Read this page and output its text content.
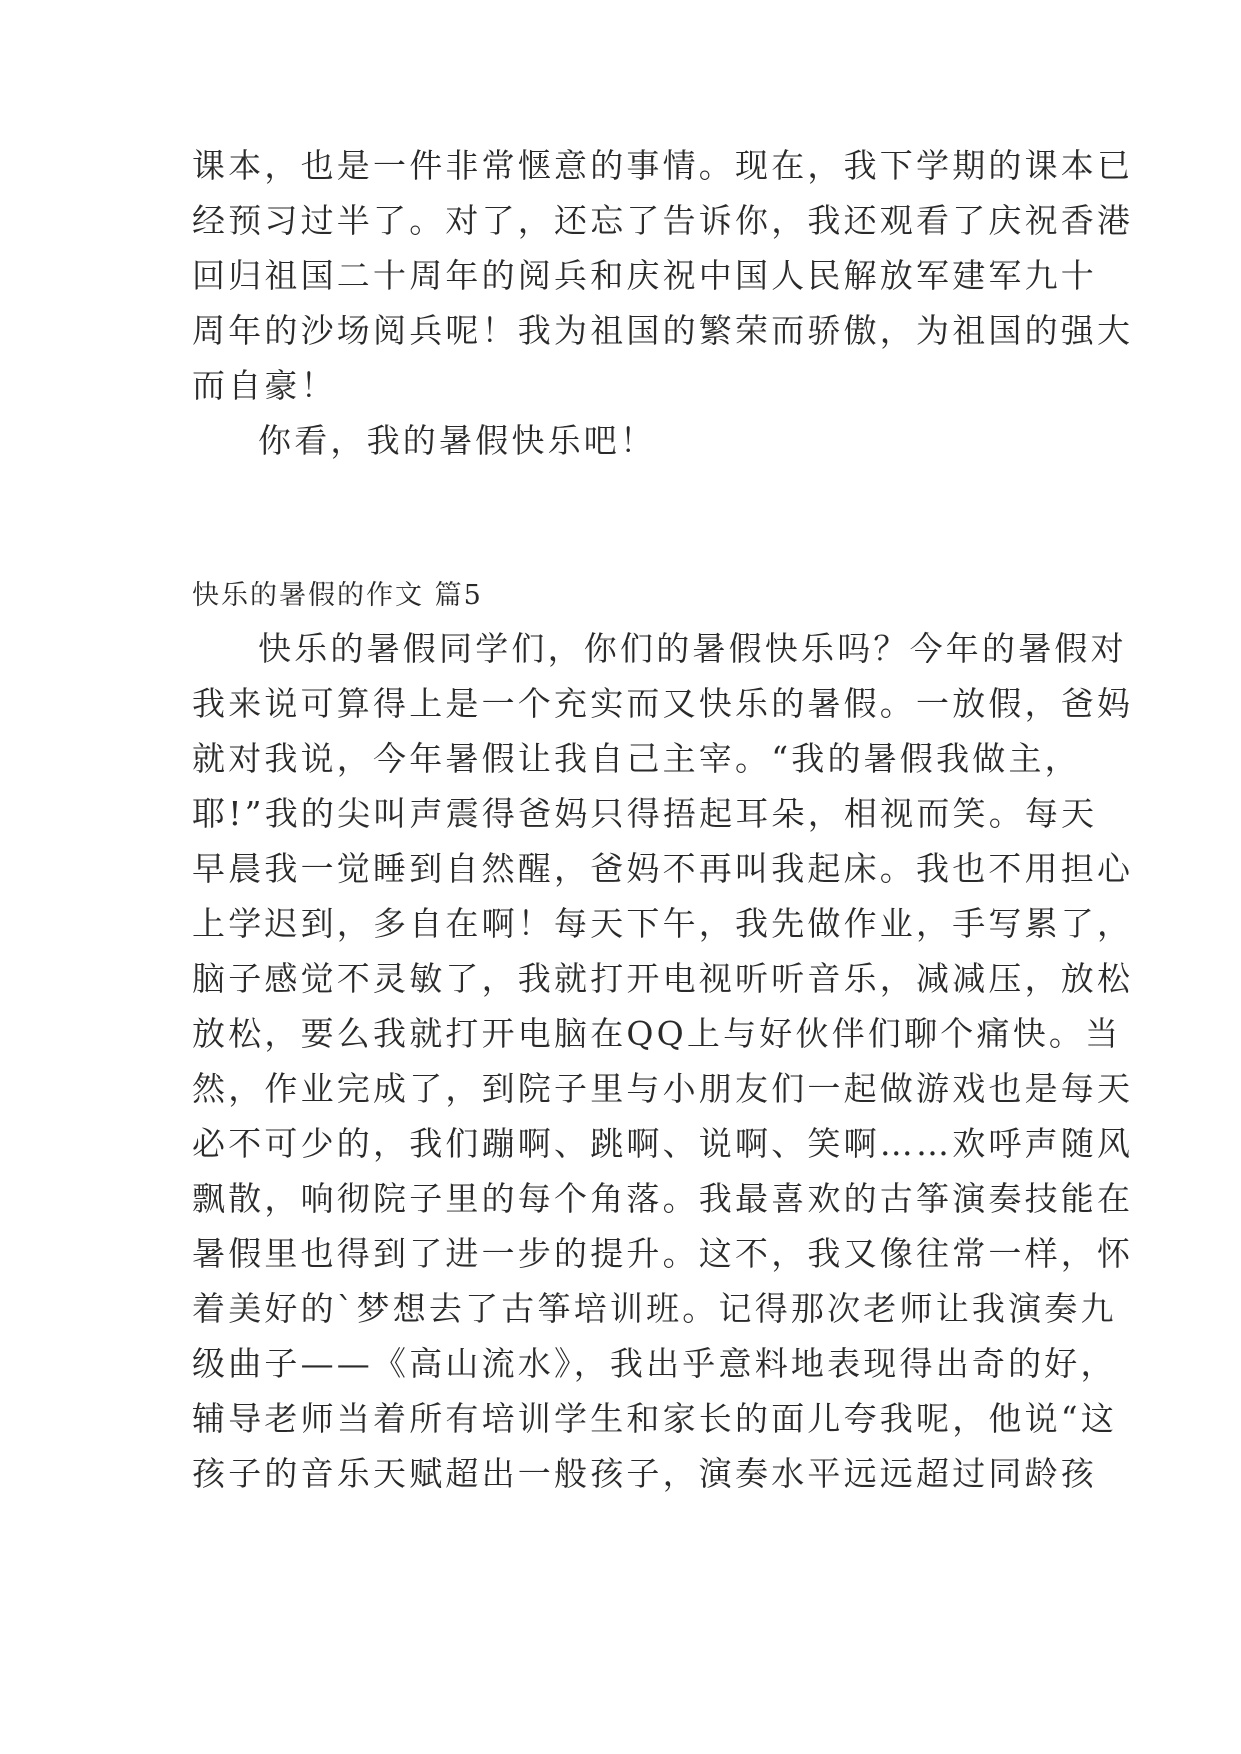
课本，也是一件非常惬意的事情。现在，我下学期的课本已
经预习过半了。对了，还忘了告诉你，我还观看了庆祝香港
回归祖国二十周年的阅兵和庆祝中国人民解放军建军九十
周年的沙场阅兵呢！我为祖国的繁荣而骄傲，为祖国的强大
而自豪！
你看，我的暑假快乐吧！
快乐的暑假的作文 篇5
快乐的暑假同学们，你们的暑假快乐吗？今年的暑假对
我来说可算得上是一个充实而又快乐的暑假。一放假，爸妈
就对我说，今年暑假让我自己主宰。“我的暑假我做主，
耶!”我的尖叫声震得爸妈只得捂起耳朵，相视而笑。每天
早晨我一觉睡到自然醒，爸妈不再叫我起床。我也不用担心
上学迟到，多自在啊！每天下午，我先做作业，手写累了，
脑子感觉不灵敏了，我就打开电视听听音乐，减减压，放松
放松，要么我就打开电脑在QQ上与好伙伴们聊个痛快。当
然，作业完成了，到院子里与小朋友们一起做游戏也是每天
必不可少的，我们蹦啊、跳啊、说啊、笑啊……欢呼声随风
飘散，响彻院子里的每个角落。我最喜欢的古筝演奏技能在
暑假里也得到了进一步的提升。这不，我又像往常一样，怀
着美好的`梦想去了古筝培训班。记得那次老师让我演奏九
级曲子——《高山流水》，我出乎意料地表现得出奇的好，
辅导老师当着所有培训学生和家长的面儿夸我呢，他说“这
孩子的音乐天赋超出一般孩子，演奏水平远远超过同龄孩
